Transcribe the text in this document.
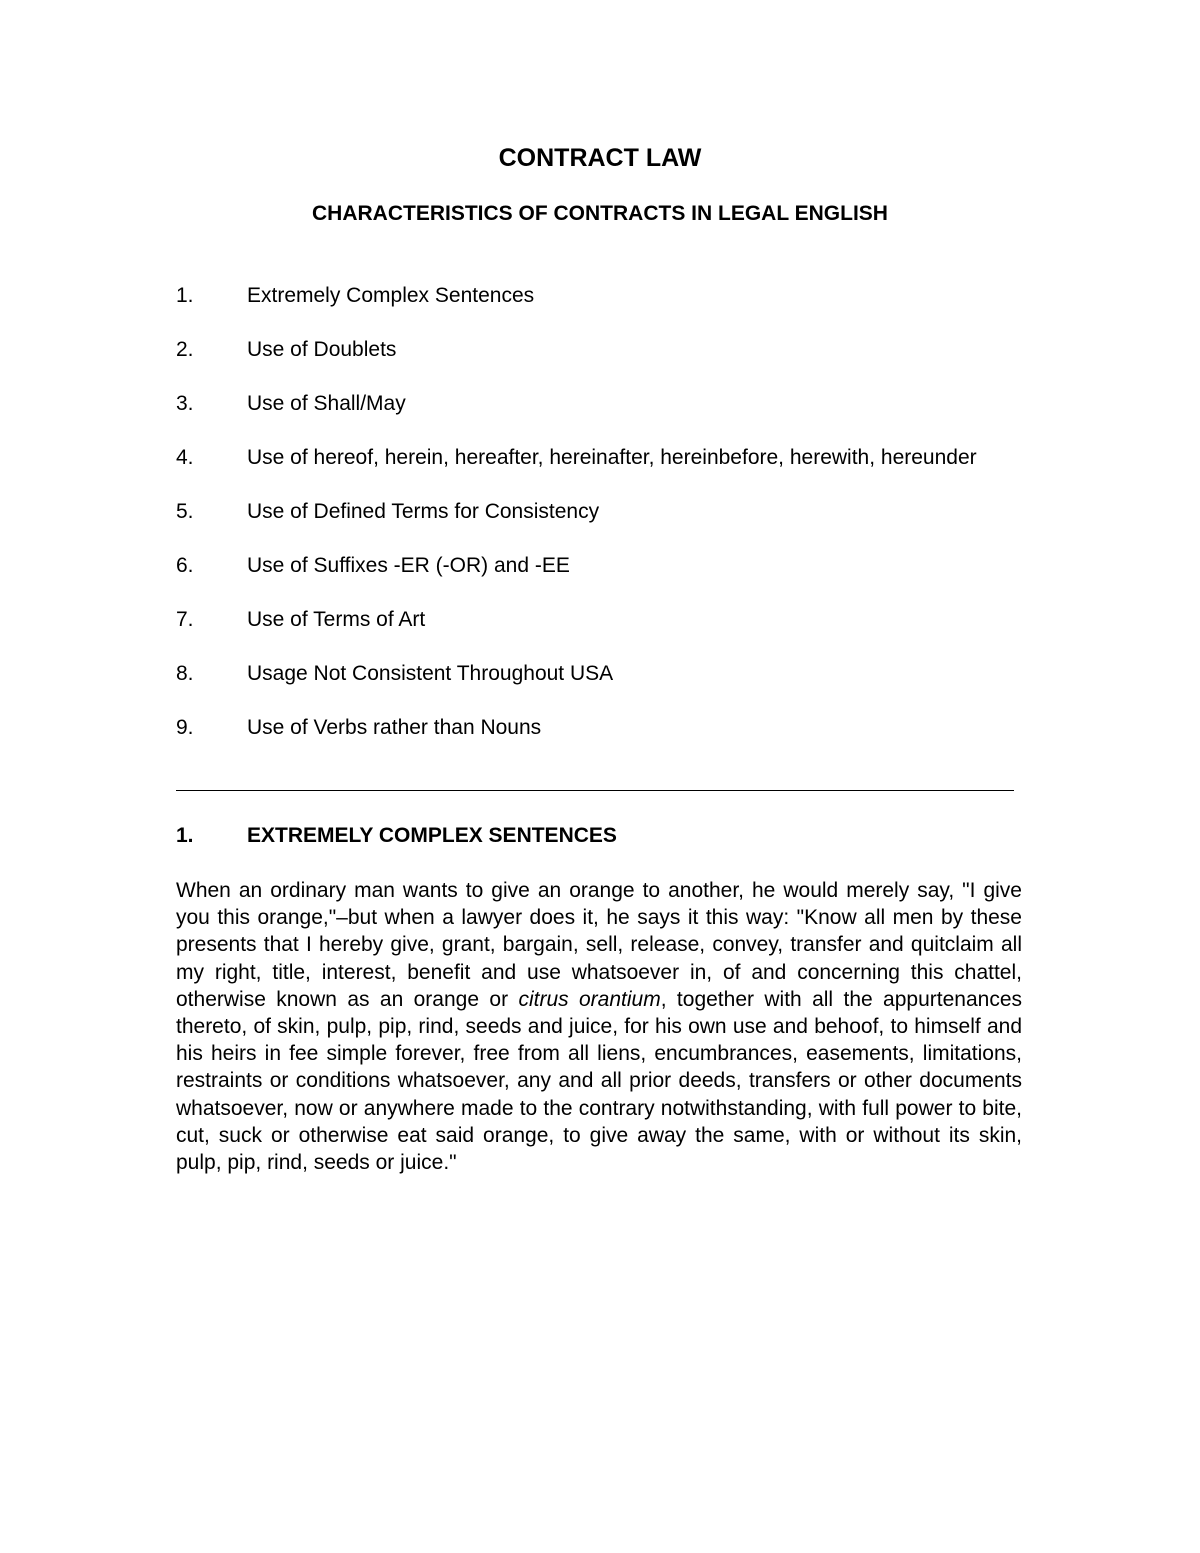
CONTRACT LAW
CHARACTERISTICS OF CONTRACTS IN LEGAL ENGLISH
1.	Extremely Complex Sentences
2.	Use of Doublets
3.	Use of Shall/May
4.	Use of hereof, herein, hereafter, hereinafter, hereinbefore, herewith, hereunder
5.	Use of Defined Terms for Consistency
6.	Use of Suffixes -ER (-OR) and -EE
7.	Use of Terms of Art
8.	Usage Not Consistent Throughout USA
9.	Use of Verbs rather than Nouns
1.	EXTREMELY COMPLEX SENTENCES

When an ordinary man wants to give an orange to another, he would merely say, "I give you this orange,"–but when a lawyer does it, he says it this way: "Know all men by these presents that I hereby give, grant, bargain, sell, release, convey, transfer and quitclaim all my right, title, interest, benefit and use whatsoever in, of and concerning this chattel, otherwise known as an orange or citrus orantium, together with all the appurtenances thereto, of skin, pulp, pip, rind, seeds and juice, for his own use and behoof, to himself and his heirs in fee simple forever, free from all liens, encumbrances, easements, limitations, restraints or conditions whatsoever, any and all prior deeds, transfers or other documents whatsoever, now or anywhere made to the contrary notwithstanding, with full power to bite, cut, suck or otherwise eat said orange, to give away the same, with or without its skin, pulp, pip, rind, seeds or juice."
